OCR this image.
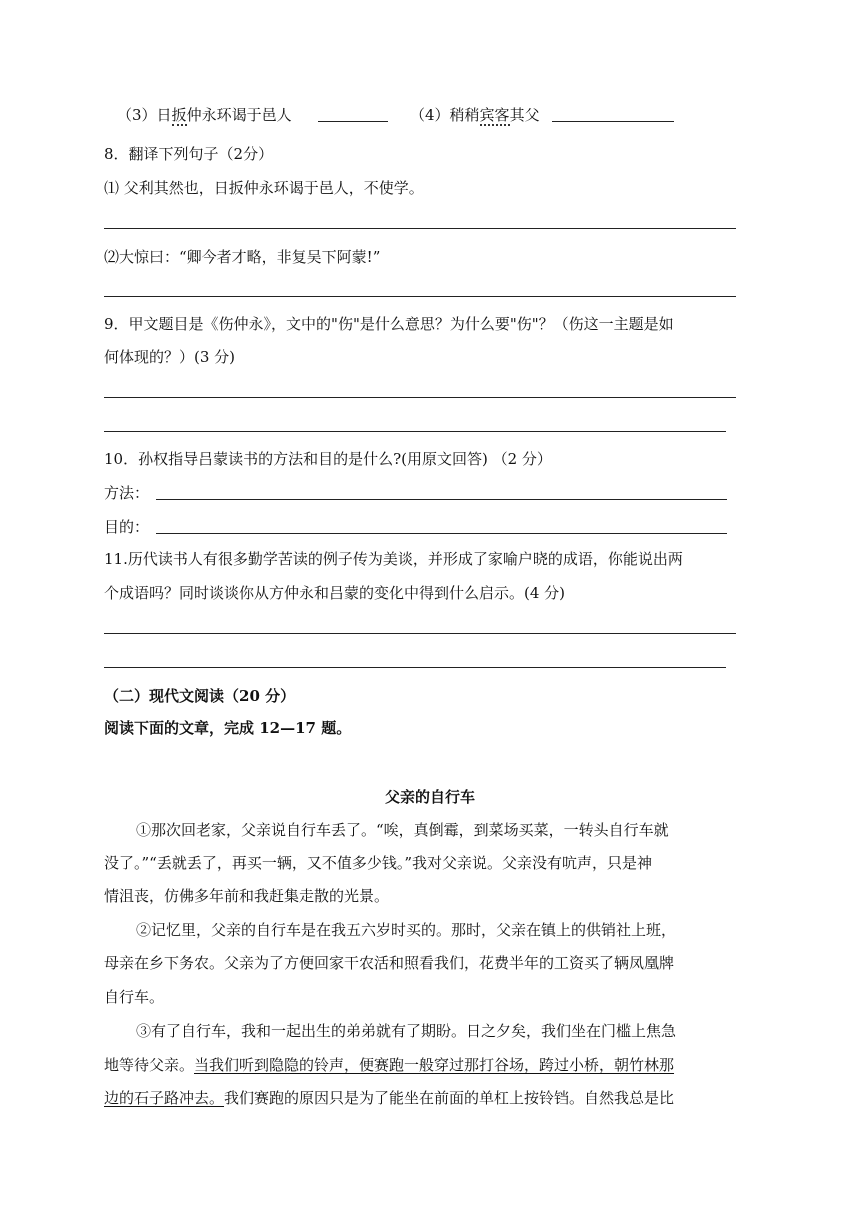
（3）日扳仲永环谒于邑人	（4）稍稍宾客其父
8．翻译下列句子（2分）
⑴ 父利其然也，日扳仲永环谒于邑人，不使学。
⑵大惊曰：“卿今者才略，非复吴下阿蒙!”
9．甲文题目是《伤仲永》，文中的"伤"是什么意思？为什么要"伤"？（伤这一主题是如
何体现的？）(3 分)
10．孙权指导吕蒙读书的方法和目的是什么?(用原文回答) （2 分）
方法：
目的：
11.历代读书人有很多勤学苦读的例子传为美谈，并形成了家喻户晓的成语，你能说出两
个成语吗？同时谈谈你从方仲永和吕蒙的变化中得到什么启示。(4 分)
（二）现代文阅读（20 分）
阅读下面的文章，完成 12—17 题。
父亲的自行车
①那次回老家，父亲说自行车丢了。“唉，真倒霉，到菜场买菜，一转头自行车就
没了。”“丢就丢了，再买一辆，又不值多少钱。”我对父亲说。父亲没有吭声，只是神
情沮丧，仿佛多年前和我赶集走散的光景。
②记忆里，父亲的自行车是在我五六岁时买的。那时，父亲在镇上的供销社上班，
母亲在乡下务农。父亲为了方便回家干农活和照看我们，花费半年的工资买了辆凤凰牌
自行车。
③有了自行车，我和一起出生的弟弟就有了期盼。日之夕矣，我们坐在门槛上焦急
地等待父亲。当我们听到隐隐的铃声，便赛跑一般穿过那打谷场，跨过小桥，朝竹林那
边的石子路冲去。我们赛跑的原因只是为了能坐在前面的单杠上按铃铛。自然我总是比
